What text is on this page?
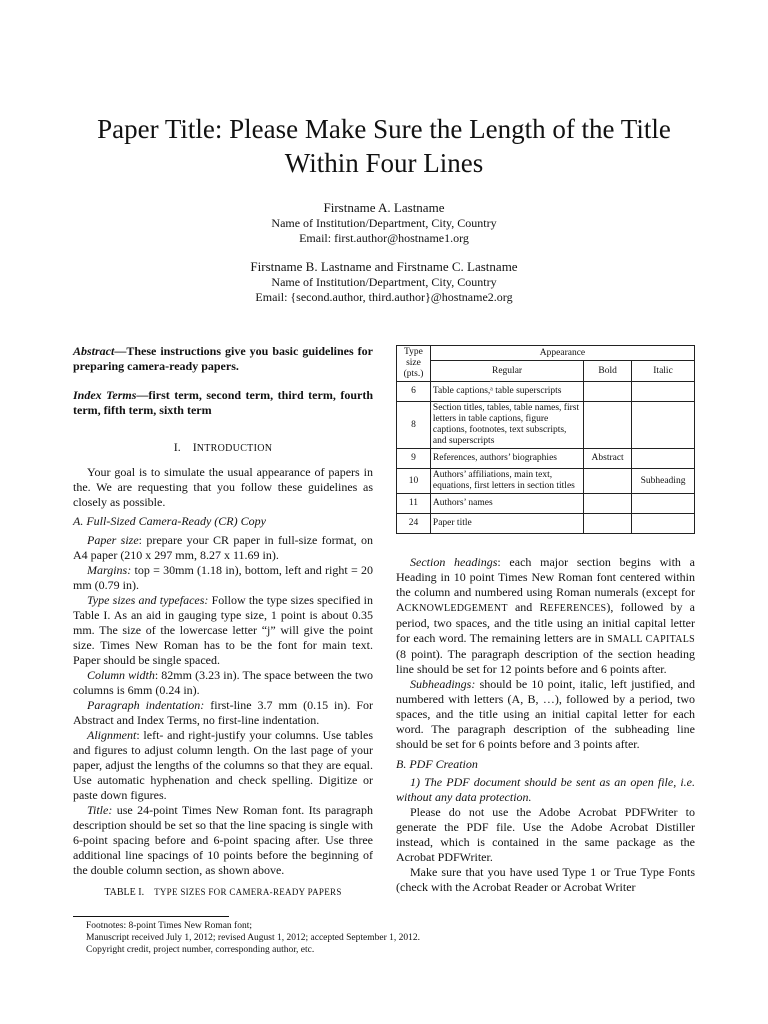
Paper Title: Please Make Sure the Length of the Title Within Four Lines
Firstname A. Lastname
Name of Institution/Department, City, Country
Email: first.author@hostname1.org
Firstname B. Lastname and Firstname C. Lastname
Name of Institution/Department, City, Country
Email: {second.author, third.author}@hostname2.org

Abstract—These instructions give you basic guidelines for preparing camera-ready papers.

Index Terms—first term, second term, third term, fourth term, fifth term, sixth term

I. INTRODUCTION

Your goal is to simulate the usual appearance of papers in the. We are requesting that you follow these guidelines as closely as possible.

A. Full-Sized Camera-Ready (CR) Copy

Paper size: prepare your CR paper in full-size format, on A4 paper (210 x 297 mm, 8.27 x 11.69 in).

Margins: top = 30mm (1.18 in), bottom, left and right = 20 mm (0.79 in).

Type sizes and typefaces: Follow the type sizes specified in Table I. As an aid in gauging type size, 1 point is about 0.35 mm. The size of the lowercase letter “j” will give the point size. Times New Roman has to be the font for main text. Paper should be single spaced.

Column width: 82mm (3.23 in). The space between the two columns is 6mm (0.24 in).

Paragraph indentation: first-line 3.7 mm (0.15 in). For Abstract and Index Terms, no first-line indentation.

Alignment: left- and right-justify your columns. Use tables and figures to adjust column length. On the last page of your paper, adjust the lengths of the columns so that they are equal. Use automatic hyphenation and check spelling. Digitize or paste down figures.

Title: use 24-point Times New Roman font. Its paragraph description should be set so that the line spacing is single with 6-point spacing before and 6-point spacing after. Use three additional line spacings of 10 points before the beginning of the double column section, as shown above.

TABLE I. TYPE SIZES FOR CAMERA-READY PAPERS
Type size (pts.)	Appearance		
	Regular	Bold	Italic
6	Table captions,ᵃ table superscripts		
8	Section titles, tables, table names, first letters in table captions, figure captions, footnotes, text subscripts, and superscripts		
9	References, authors’ biographies	Abstract	
10	Authors’ affiliations, main text, equations, first letters in section titles		Subheading
11	Authors’ names		
24	Paper title		

Section headings: each major section begins with a Heading in 10 point Times New Roman font centered within the column and numbered using Roman numerals (except for ACKNOWLEDGEMENT and REFERENCES), followed by a period, two spaces, and the title using an initial capital letter for each word. The remaining letters are in SMALL CAPITALS (8 point). The paragraph description of the section heading line should be set for 12 points before and 6 points after.

Subheadings: should be 10 point, italic, left justified, and numbered with letters (A, B, …), followed by a period, two spaces, and the title using an initial capital letter for each word. The paragraph description of the subheading line should be set for 6 points before and 3 points after.

B. PDF Creation

1) The PDF document should be sent as an open file, i.e. without any data protection.

Please do not use the Adobe Acrobat PDFWriter to generate the PDF file. Use the Adobe Acrobat Distiller instead, which is contained in the same package as the Acrobat PDFWriter.

Make sure that you have used Type 1 or True Type Fonts (check with the Acrobat Reader or Acrobat Writer

Footnotes: 8-point Times New Roman font;
Manuscript received July 1, 2012; revised August 1, 2012; accepted September 1, 2012.
Copyright credit, project number, corresponding author, etc.
